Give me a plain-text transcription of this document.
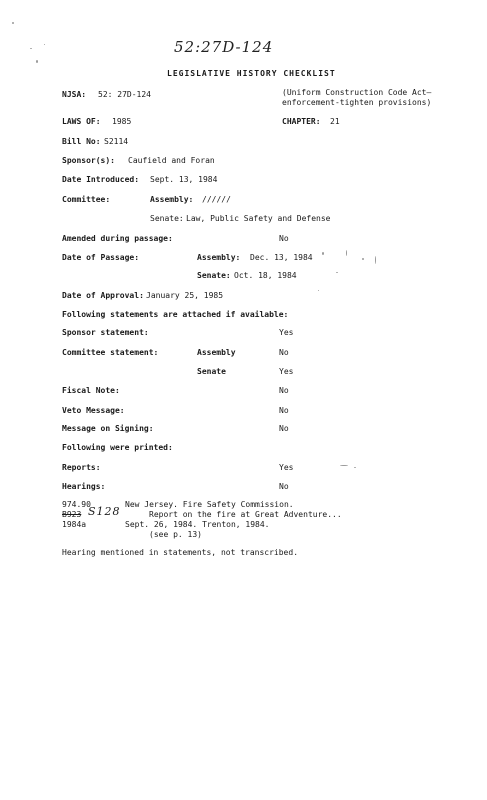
52:27D-124
LEGISLATIVE HISTORY CHECKLIST
NJSA: 52: 27D-124	(Uniform Construction Code Act—
enforcement-tighten provisions)
LAWS OF: 1985	CHAPTER: 21
Bill No: S2114
Sponsor(s): Caufield and Foran
Date Introduced: Sept. 13, 1984
Committee:	Assembly: //////
Senate: Law, Public Safety and Defense
Amended during passage:	No
Date of Passage:	Assembly: Dec. 13, 1984
Senate: Oct. 18, 1984
Date of Approval: January 25, 1985
Following statements are attached if available:
Sponsor statement:	Yes
Committee statement:	Assembly	No
Senate	Yes
Fiscal Note:	No
Veto Message:	No
Message on Signing:	No
Following were printed:
Reports:	Yes
Hearings:	No
974.90	New Jersey. Fire Safety Commission.
B923 S128	Report on the fire at Great Adventure...
1984a	Sept. 26, 1984. Trenton, 1984.
(see p. 13)
Hearing mentioned in statements, not transcribed.
